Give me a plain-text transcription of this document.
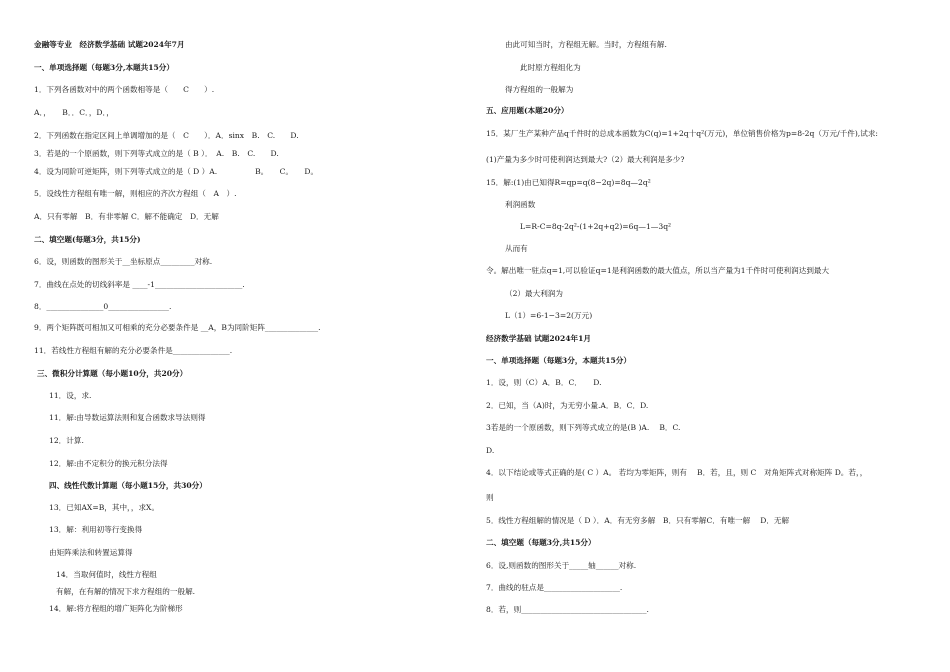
金融等专业　经济数学基础 试题2024年7月
一、单项选择题（每题3分,本题共15分）
1．下列各函数对中的两个函数相等是（　　C　　）.
A．，　　B．．C．，D．，
2．下列函数在指定区间上单调增加的是（　C　　）．A．sinx　B.　C.　　D.
3．若是的一个原函数，则下列等式成立的是（ B ）．　A.　B.　C.　　D.
4．设为同阶可逆矩阵，则下列等式成立的是（ D ）A.　　　　　B。　　C。　　D。
5．设线性方程组有唯一解，则相应的齐次方程组（　A　）.
A．只有零解　B．有非零解 C．解不能确定　D．无解
二、填空题(每题3分，共15分)
6．设，则函数的图形关于__坐标原点_________对称.
7．曲线在点处的切线斜率是 ____-1_______________________.
8．_______________0________________.
9．两个矩阵既可相加又可相乘的充分必要条件是 __A，B为同阶矩阵______________.
11．若线性方程组有解的充分必要条件是_______________.
三、微积分计算题（每小题10分，共20分）
11．设，求.
11．解:由导数运算法则和复合函数求导法则得
12．计算.
12．解:由不定积分的换元积分法得
四、线性代数计算题（每小题15分，共30分）
13．已知AX=B，其中，，求X。
13．解：利用初等行变换得
由矩阵乘法和转置运算得
14．当取何值时，线性方程组
有解，在有解的情况下求方程组的一般解.
14．解:将方程组的增广矩阵化为阶梯形
由此可知当时，方程组无解。当时，方程组有解.
此时原方程组化为
得方程组的一般解为
五、应用题(本题20分）
15．某厂生产某种产品q千件时的总成本函数为C(q)=1+2q十q²(万元)，单位销售价格为p=8-2q（万元/千件),试求:
(1)产量为多少时可使利润达到最大?（2）最大利润是多少?
15．解:(1)由已知得R=qp=q(8−2q)=8q—2q²
利润函数
L=R-C=8q-2q²-(1+2q+q2)=6q—1—3q²
从而有
令。解出唯一驻点q=1,可以验证q=1是利润函数的最大值点，所以当产量为1千件时可使利润达到最大
（2）最大利润为
L（1）=6-1−3=2(万元)
经济数学基础 试题2024年1月
一、单项选择题（每题3分，本题共15分）
1．设，则（C）A．B．C．　　D.
2．已知，当（A)时，为无穷小量.A．B．C．D.
3若是的一个原函数，则下列等式成立的是(B )A.　 B．C.
D.
4．以下结论或等式正确的是( C ）A。 若均为零矩阵，则有　 B．若，且，则 C　对角矩阵式对称矩阵 D。若，，
则
5．线性方程组解的情况是（ D ）．A．有无穷多解　B．只有零解C．有唯一解　 D．无解
二、填空题（每题3分,共15分）
6．设,则函数的图形关于_____轴______对称.
7．曲线的驻点是____________________.
8．若，则_________________________________.
